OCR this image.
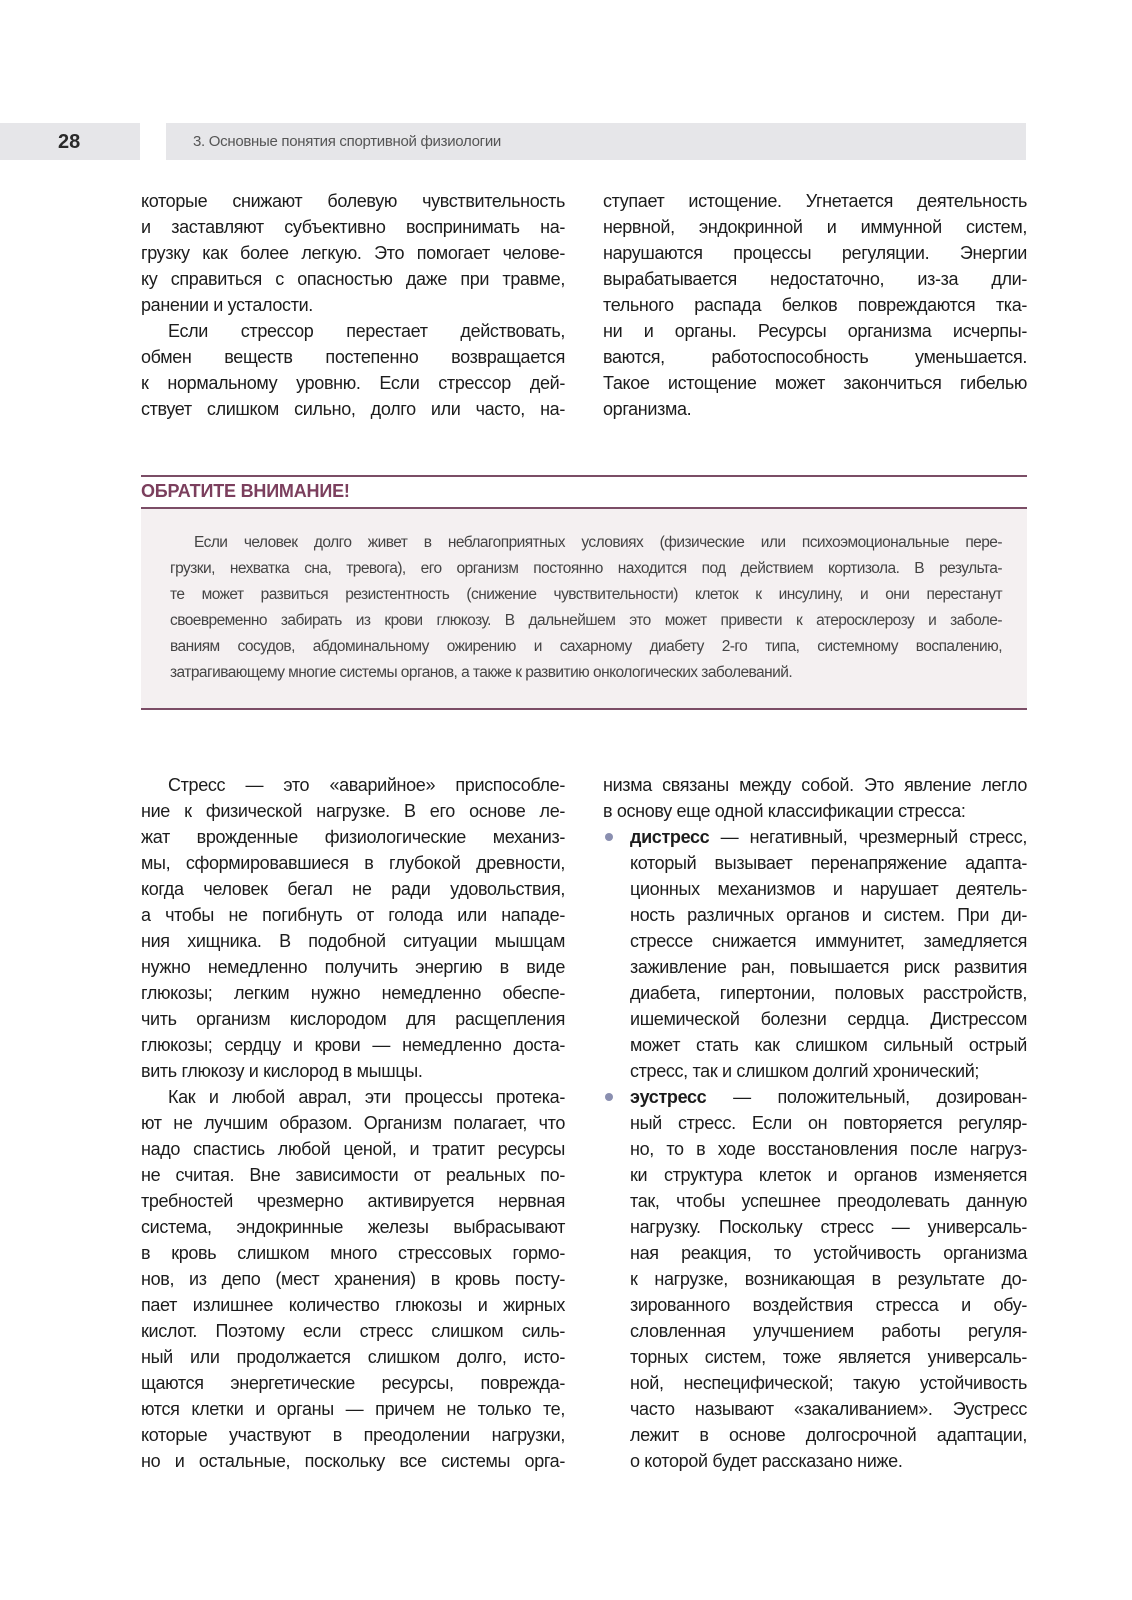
28	3. Основные понятия спортивной физиологии

которые снижают болевую чувствительность
и заставляют субъективно воспринимать на-
грузку как более легкую. Это помогает челове-
ку справиться с опасностью даже при травме,
ранении и усталости.

Если стрессор перестает действовать,
обмен веществ постепенно возвращается
к нормальному уровню. Если стрессор дей-
ствует слишком сильно, долго или часто, на-

ступает истощение. Угнетается деятельность
нервной, эндокринной и иммунной систем,
нарушаются процессы регуляции. Энергии
вырабатывается недостаточно, из-за дли-
тельного распада белков повреждаются тка-
ни и органы. Ресурсы организма исчерпы-
ваются, работоспособность уменьшается.
Такое истощение может закончиться гибелью
организма.

ОБРАТИТЕ ВНИМАНИЕ!
Если человек долго живет в неблагоприятных условиях (физические или психоэмоциональные пере-
грузки, нехватка сна, тревога), его организм постоянно находится под действием кортизола. В результа-
те может развиться резистентность (снижение чувствительности) клеток к инсулину, и они перестанут
своевременно забирать из крови глюкозу. В дальнейшем это может привести к атеросклерозу и заболе-
ваниям сосудов, абдоминальному ожирению и сахарному диабету 2-го типа, системному воспалению,
затрагивающему многие системы органов, а также к развитию онкологических заболеваний.

Стресс — это «аварийное» приспособле-
ние к физической нагрузке. В его основе ле-
жат врожденные физиологические механиз-
мы, сформировавшиеся в глубокой древности,
когда человек бегал не ради удовольствия,
а чтобы не погибнуть от голода или нападе-
ния хищника. В подобной ситуации мышцам
нужно немедленно получить энергию в виде
глюкозы; легким нужно немедленно обеспе-
чить организм кислородом для расщепления
глюкозы; сердцу и крови — немедленно доста-
вить глюкозу и кислород в мышцы.

Как и любой аврал, эти процессы протека-
ют не лучшим образом. Организм полагает, что
надо спастись любой ценой, и тратит ресурсы
не считая. Вне зависимости от реальных по-
требностей чрезмерно активируется нервная
система, эндокринные железы выбрасывают
в кровь слишком много стрессовых гормо-
нов, из депо (мест хранения) в кровь посту-
пает излишнее количество глюкозы и жирных
кислот. Поэтому если стресс слишком силь-
ный или продолжается слишком долго, исто-
щаются энергетические ресурсы, поврежда-
ются клетки и органы — причем не только те,
которые участвуют в преодолении нагрузки,
но и остальные, поскольку все системы орга-

низма связаны между собой. Это явление легло
в основу еще одной классификации стресса:

дистресс — негативный, чрезмерный стресс,
который вызывает перенапряжение адапта-
ционных механизмов и нарушает деятель-
ность различных органов и систем. При ди-
стрессе снижается иммунитет, замедляется
заживление ран, повышается риск развития
диабета, гипертонии, половых расстройств,
ишемической болезни сердца. Дистрессом
может стать как слишком сильный острый
стресс, так и слишком долгий хронический;
эустресс — положительный, дозирован-
ный стресс. Если он повторяется регуляр-
но, то в ходе восстановления после нагруз-
ки структура клеток и органов изменяется
так, чтобы успешнее преодолевать данную
нагрузку. Поскольку стресс — универсаль-
ная реакция, то устойчивость организма
к нагрузке, возникающая в результате до-
зированного воздействия стресса и обу-
словленная улучшением работы регуля-
торных систем, тоже является универсаль-
ной, неспецифической; такую устойчивость
часто называют «закаливанием». Эустресс
лежит в основе долгосрочной адаптации,
о которой будет рассказано ниже.
